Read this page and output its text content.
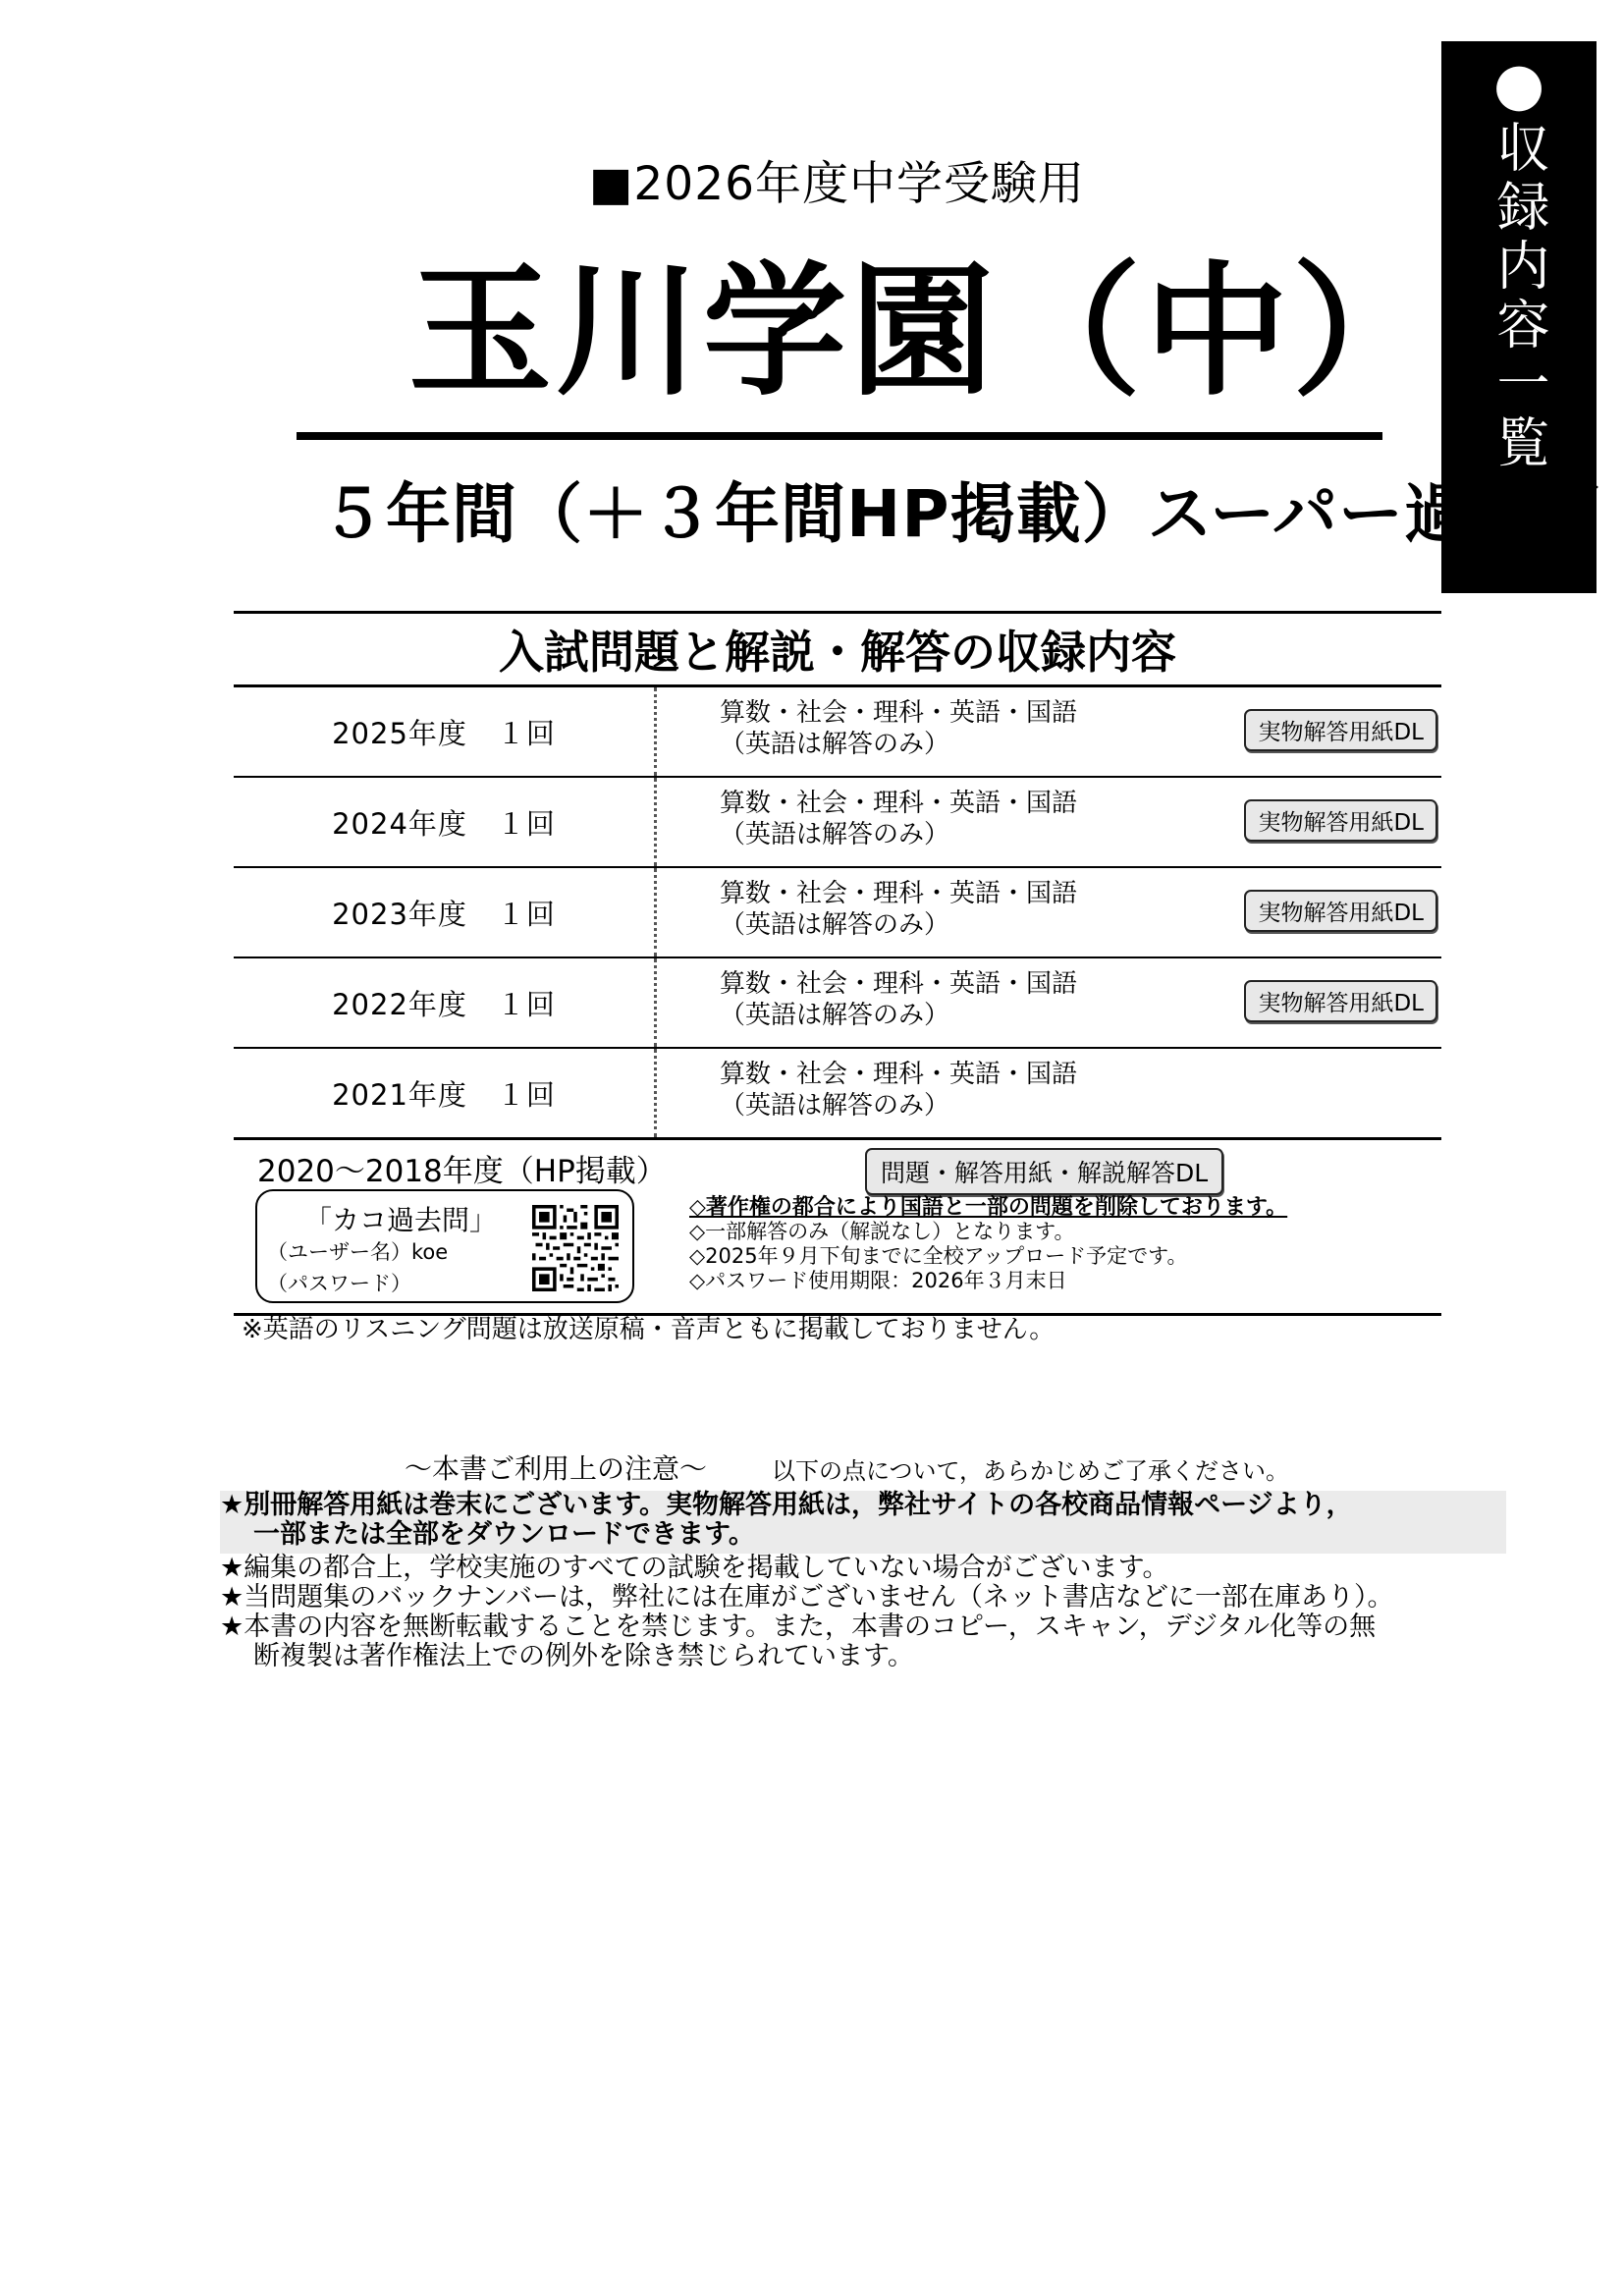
●
収録内容一覧
■2026年度中学受験用
玉川学園（中）
５年間（＋３年間HP掲載）スーパー過去問
入試問題と解説・解答の収録内容
2025年度　１回
算数・社会・理科・英語・国語
（英語は解答のみ）	実物解答用紙DL
2024年度　１回
算数・社会・理科・英語・国語
（英語は解答のみ）	実物解答用紙DL
2023年度　１回
算数・社会・理科・英語・国語
（英語は解答のみ）	実物解答用紙DL
2022年度　１回
算数・社会・理科・英語・国語
（英語は解答のみ）	実物解答用紙DL
2021年度　１回
算数・社会・理科・英語・国語
（英語は解答のみ）
2020～2018年度（HP掲載）
「カコ過去問」
（ユーザー名）koe
（パスワード）
問題・解答用紙・解説解答DL
◇著作権の都合により国語と一部の問題を削除しております。
◇一部解答のみ（解説なし）となります。
◇2025年９月下旬までに全校アップロード予定です。
◇パスワード使用期限：2026年３月末日
※英語のリスニング問題は放送原稿・音声ともに掲載しておりません。
～本書ご利用上の注意～	以下の点について，あらかじめご了承ください。
★別冊解答用紙は巻末にございます。実物解答用紙は，弊社サイトの各校商品情報ページより，
一部または全部をダウンロードできます。
★編集の都合上，学校実施のすべての試験を掲載していない場合がございます。
★当問題集のバックナンバーは，弊社には在庫がございません（ネット書店などに一部在庫あり）。
★本書の内容を無断転載することを禁じます。また，本書のコピー，スキャン，デジタル化等の無
断複製は著作権法上での例外を除き禁じられています。
